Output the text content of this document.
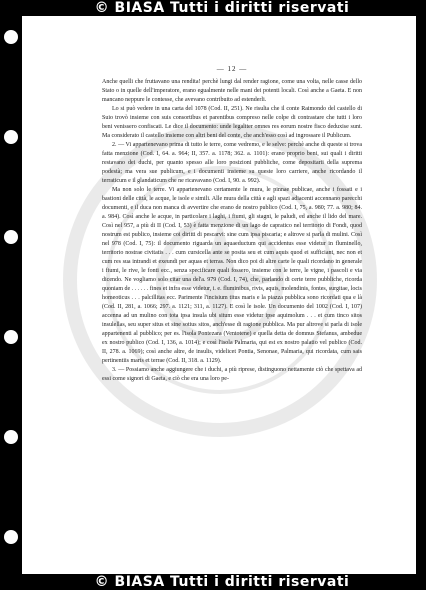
© BIASA Tutti i diritti riservati
© BIASA Tutti i diritti riservati
— 12 —

Anche quelli che fruttavano una rendita! perchè lungi dal render ragione, come una volta, nelle casse dello Stato o in quelle dell'imperatore, erano egualmente nelle mani dei potenti locali. Così anche a Gaeta. E non mancano neppure le contesse, che avevano contribuito ad estenderli.

Lo si può vedere in una carta del 1078 (Cod. II, 251). Ne risulta che il conte Raimondo del castello di Suio trovò insieme con suis consortibus et parentibus compreso nelle colpe di contrastare che tutti i loro beni venissero confiscati. Le dice il documento: unde legaliter omnes res eorum nostre fisco deduxise sunt. Ma considerato il castello insieme con altri beni del conte, che anch'esso così ad ingrossare il Publicum.

2. — Vi appartenevano prima di tutto le terre, come vedremo, e le selve: perchè anche di queste si trova fatta menzione (Cod. I, 64. a. 964; II, 357. a. 1178; 362. a. 1101): erano proprio beni, sui quali i diritti restavano dei duchi, per quanto spesso alle loro posizioni pubbliche, come depositarii della suprema podestà; ma vera sue publicum, e i documenti insieme su queste loro carriere, anche ricordando il terraticum e il glandaticum che ne ricavavano (Cod. I, 90. a. 992).

Ma non solo le terre. Vi appartenevano certamente le mura, le pinnae publicae, anche i fossati e i bastioni delle città, le acque, le isole e simili. Alle mura della città e agli spazi adiacenti accennano parecchi documenti, e il duca non manca di avvertire che erano de nostro publico (Cod. I, 75, a. 980; 77. a. 980; 84. a. 984). Così anche le acque, in particolare i laghi, i fiumi, gli stagni, le paludi, ed anche il lido del mare. Così nel 957, a più di II (Cod. I, 53) è fatta menzione di un lago de capratico nel territorio di Fondi, quod nostrum est publico, insieme coi diritti di pescarvi: sine cum ipsa piscaria; e altrove si parla di mulini. Così nel 978 (Cod. I, 75): il documento riguarda un aquaeductum qui accidentus esse videtur in fluminello, territorio nostrae civitatis . . . cum cursicella ante se posita seu et cum aquis quod ei sufficiant, nec non et cum res sua intrandi et exeundi per aquas et terras. Non dico poi di altre carte le quali ricordano in generale i fiumi, le rive, le fonti ecc., senza specificare quali fossero, insieme con le terre, le vigne, i pascoli e via dicendo. Ne vogliamo solo citar una del'a. 979 (Cod. I, 74), che, parlando di certe terre pubbliche, ricorda quoniam de . . . . . . fines et infra esse videtur, i. e. fluminibus, rivis, aquis, molendinis, fontes, surgitae, locis homeoticus . . . palcillitas ecc. Parimente l'incisium titus maris e la piazza pubblica sono ricordati qua e là (Cod. II, 281, a. 1066; 297. a. 1121; 311, a. 1127). E così le isole. Un documento del 1002 (Cod. I, 107) accenna ad un mulino con tota ipsa insula ubi situm esse videtur ipse aquimolum . . . et cum tinco sitos insulellas, seu super situs et sine sotius sitos, anch'esse di ragione pubblica. Ma pur altrove si parla di isole appartenenti al pubblico; per es. l'isola Pontezara (Ventotene) e quella detta de domnus Stefanus, ambedue ex nostro publico (Cod. I, 136, a. 1014); e così l'isola Palmaria, qui est ex nostro palatio vel publico (Cod. II, 278. a. 1069); così anche altre, de insulis, videlicet Pontia, Senonae, Palmaria, qui ricordata, cum sais pertinentiis maris et terrae (Cod. II, 318. a. 1129).

3. — Possiamo anche aggiungere che i duchi, a più riprese, distinguono nettamente ciò che spettava ad essi come signori di Gaeta, e ciò che era una loro pe-
